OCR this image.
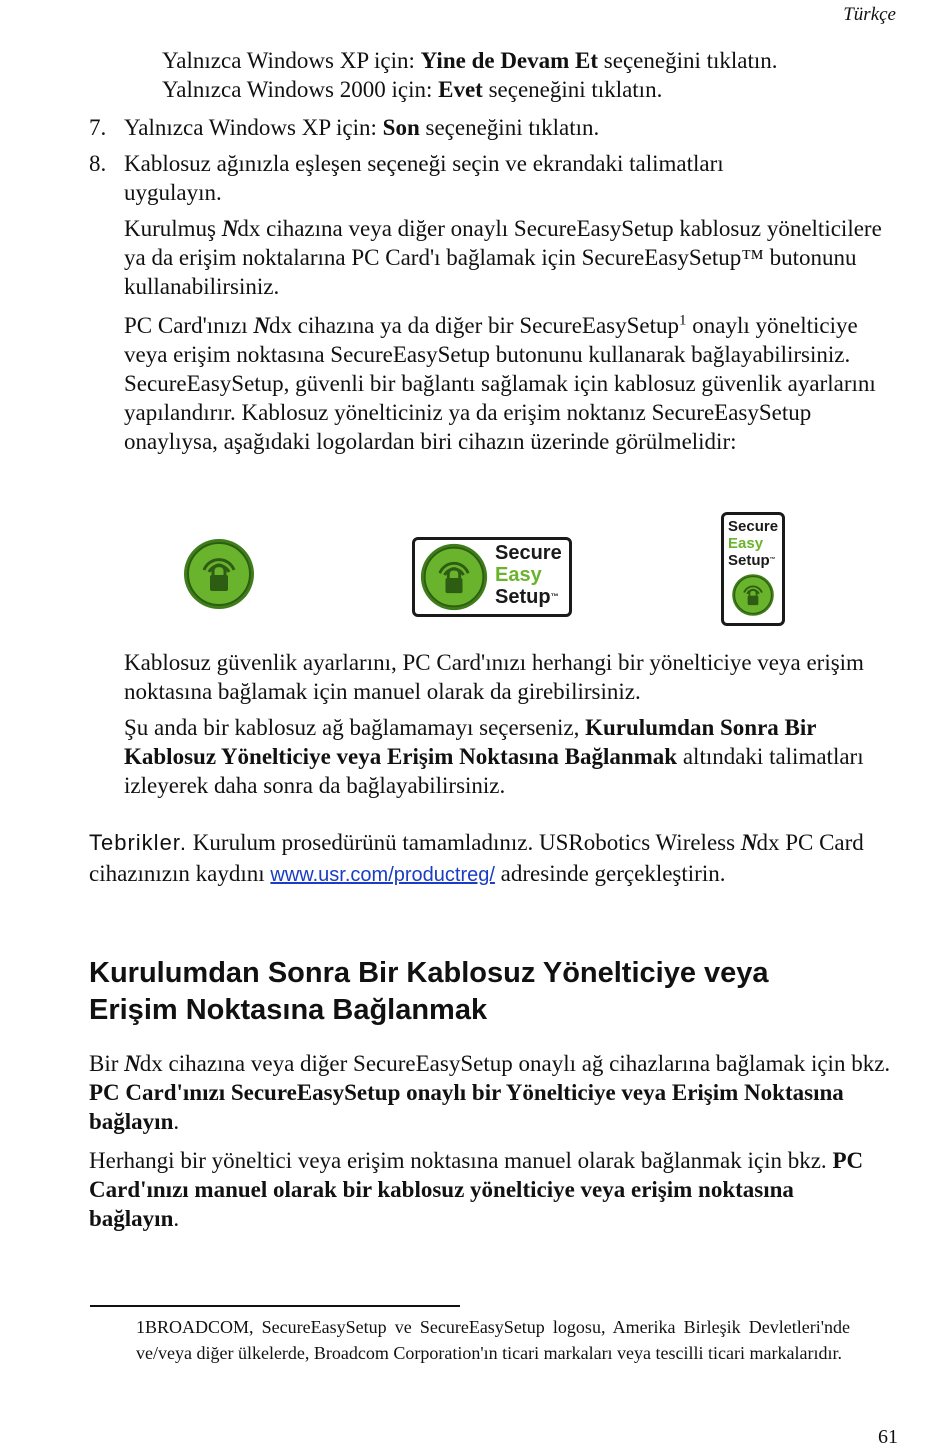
Türkçe
Yalnızca Windows XP için: Yine de Devam Et seçeneğini tıklatın.
Yalnızca Windows 2000 için: Evet seçeneğini tıklatın.
7. Yalnızca Windows XP için: Son seçeneğini tıklatın.
8. Kablosuz ağınızla eşleşen seçeneği seçin ve ekrandaki talimatları
uygulayın.
Kurulmuş Ndx cihazına veya diğer onaylı SecureEasySetup kablosuz yönelticilere ya da erişim noktalarına PC Card'ı bağlamak için SecureEasySetup™ butonunu kullanabilirsiniz.
PC Card'ınızı Ndx cihazına ya da diğer bir SecureEasySetup$^1$ onaylı yönelticiye veya erişim noktasına SecureEasySetup butonunu kullanarak bağlayabilirsiniz. SecureEasySetup, güvenli bir bağlantı sağlamak için kablosuz güvenlik ayarlarını yapılandırır. Kablosuz yönelticiniz ya da erişim noktanız SecureEasySetup onaylıysa, aşağıdaki logolardan biri cihazın üzerinde görülmelidir:
Secure
Easy
Setup™
Secure
Easy
Setup™
Kablosuz güvenlik ayarlarını, PC Card'ınızı herhangi bir yönelticiye veya erişim noktasına bağlamak için manuel olarak da girebilirsiniz.
Şu anda bir kablosuz ağ bağlamamayı seçerseniz, Kurulumdan Sonra Bir Kablosuz Yönelticiye veya Erişim Noktasına Bağlanmak altındaki talimatları izleyerek daha sonra da bağlayabilirsiniz.
Tebrikler. Kurulum prosedürünü tamamladınız. USRobotics Wireless Ndx PC Card cihazınızın kaydını www.usr.com/productreg/ adresinde gerçekleştirin.
Kurulumdan Sonra Bir Kablosuz Yönelticiye veya Erişim Noktasına Bağlanmak
Bir Ndx cihazına veya diğer SecureEasySetup onaylı ağ cihazlarına bağlamak için bkz. PC Card'ınızı SecureEasySetup onaylı bir Yönelticiye veya Erişim Noktasına bağlayın.
Herhangi bir yöneltici veya erişim noktasına manuel olarak bağlanmak için bkz. PC Card'ınızı manuel olarak bir kablosuz yönelticiye veya erişim noktasına bağlayın.
1BROADCOM, SecureEasySetup ve SecureEasySetup logosu, Amerika Birleşik Devletleri'nde ve/veya diğer ülkelerde, Broadcom Corporation'ın ticari markaları veya tescilli ticari markalarıdır.
61
